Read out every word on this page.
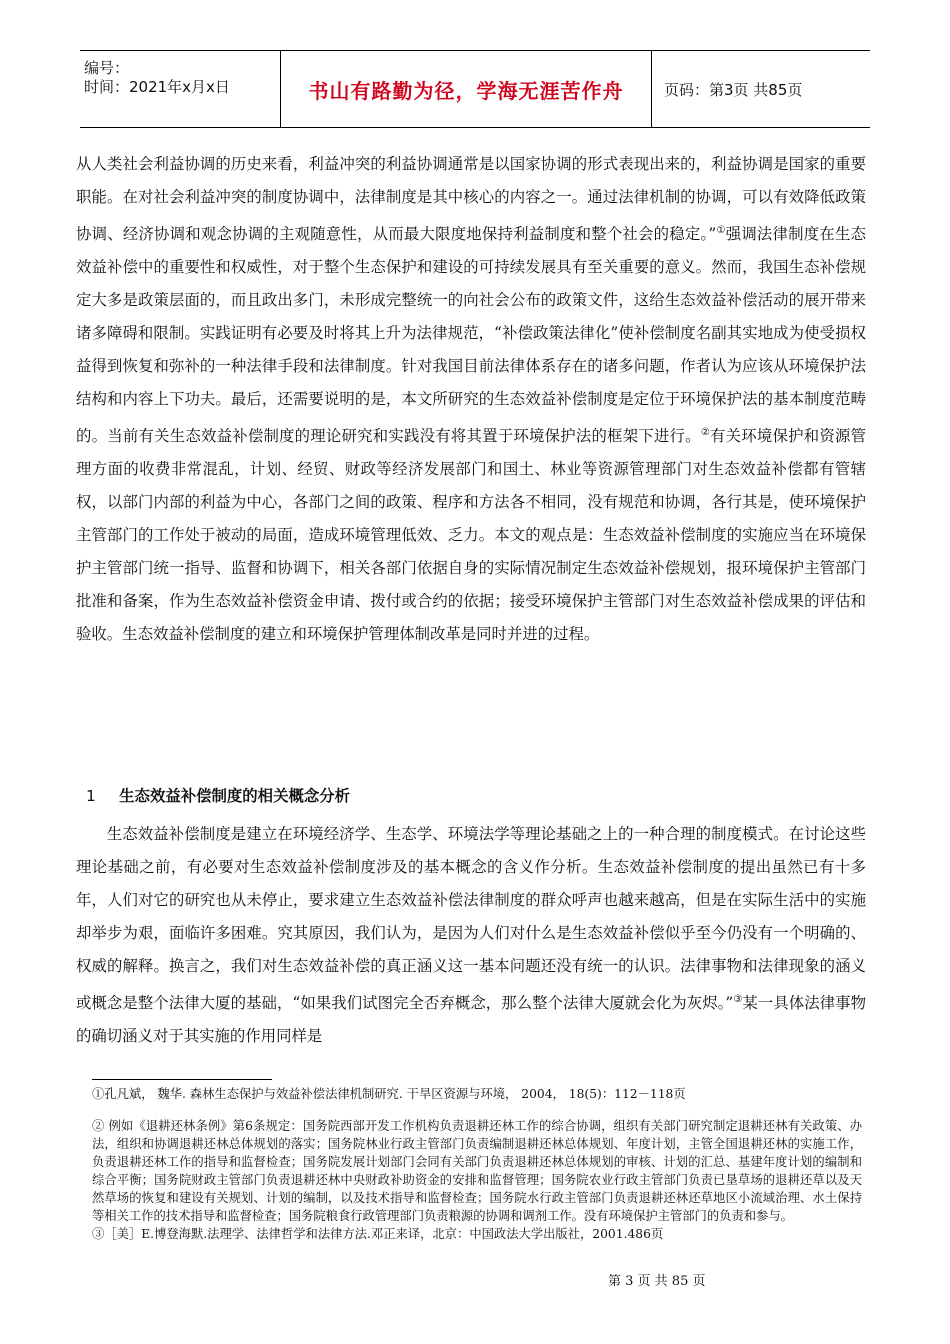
编号：
时间：2021年x月x日	书山有路勤为径，学海无涯苦作舟	页码：第3页 共85页

从人类社会利益协调的历史来看，利益冲突的利益协调通常是以国家协调的形式表现出来的，利益协调是国家的重要职能。在对社会利益冲突的制度协调中，法律制度是其中核心的内容之一。通过法律机制的协调，可以有效降低政策协调、经济协调和观念协调的主观随意性，从而最大限度地保持利益制度和整个社会的稳定。”①强调法律制度在生态效益补偿中的重要性和权威性，对于整个生态保护和建设的可持续发展具有至关重要的意义。然而，我国生态补偿规定大多是政策层面的，而且政出多门，未形成完整统一的向社会公布的政策文件，这给生态效益补偿活动的展开带来诸多障碍和限制。实践证明有必要及时将其上升为法律规范，“补偿政策法律化”使补偿制度名副其实地成为使受损权益得到恢复和弥补的一种法律手段和法律制度。针对我国目前法律体系存在的诸多问题，作者认为应该从环境保护法结构和内容上下功夫。最后，还需要说明的是，本文所研究的生态效益补偿制度是定位于环境保护法的基本制度范畴的。当前有关生态效益补偿制度的理论研究和实践没有将其置于环境保护法的框架下进行。②有关环境保护和资源管理方面的收费非常混乱，计划、经贸、财政等经济发展部门和国土、林业等资源管理部门对生态效益补偿都有管辖权，以部门内部的利益为中心，各部门之间的政策、程序和方法各不相同，没有规范和协调，各行其是，使环境保护主管部门的工作处于被动的局面，造成环境管理低效、乏力。本文的观点是：生态效益补偿制度的实施应当在环境保护主管部门统一指导、监督和协调下，相关各部门依据自身的实际情况制定生态效益补偿规划，报环境保护主管部门批准和备案，作为生态效益补偿资金申请、拨付或合约的依据；接受环境保护主管部门对生态效益补偿成果的评估和验收。生态效益补偿制度的建立和环境保护管理体制改革是同时并进的过程。

1 生态效益补偿制度的相关概念分析

生态效益补偿制度是建立在环境经济学、生态学、环境法学等理论基础之上的一种合理的制度模式。在讨论这些理论基础之前，有必要对生态效益补偿制度涉及的基本概念的含义作分析。生态效益补偿制度的提出虽然已有十多年，人们对它的研究也从未停止，要求建立生态效益补偿法律制度的群众呼声也越来越高，但是在实际生活中的实施却举步为艰，面临许多困难。究其原因，我们认为，是因为人们对什么是生态效益补偿似乎至今仍没有一个明确的、权威的解释。换言之，我们对生态效益补偿的真正涵义这一基本问题还没有统一的认识。法律事物和法律现象的涵义或概念是整个法律大厦的基础，“如果我们试图完全否弃概念，那么整个法律大厦就会化为灰烬。”③某一具体法律事物的确切涵义对于其实施的作用同样是

①孔凡斌， 魏华. 森林生态保护与效益补偿法律机制研究. 干旱区资源与环境， 2004， 18(5)：112－118页

② 例如《退耕还林条例》第6条规定：国务院西部开发工作机构负责退耕还林工作的综合协调，组织有关部门研究制定退耕还林有关政策、办法，组织和协调退耕还林总体规划的落实；国务院林业行政主管部门负责编制退耕还林总体规划、年度计划，主管全国退耕还林的实施工作，负责退耕还林工作的指导和监督检查；国务院发展计划部门会同有关部门负责退耕还林总体规划的审核、计划的汇总、基建年度计划的编制和综合平衡；国务院财政主管部门负责退耕还林中央财政补助资金的安排和监督管理；国务院农业行政主管部门负责已垦草场的退耕还草以及天然草场的恢复和建设有关规划、计划的编制，以及技术指导和监督检查；国务院水行政主管部门负责退耕还林还草地区小流域治理、水土保持等相关工作的技术指导和监督检查；国务院粮食行政管理部门负责粮源的协调和调剂工作。没有环境保护主管部门的负责和参与。

③［美］E.博登海默.法理学、法律哲学和法律方法.邓正来译，北京：中国政法大学出版社，2001.486页

第 3 页 共 85 页
